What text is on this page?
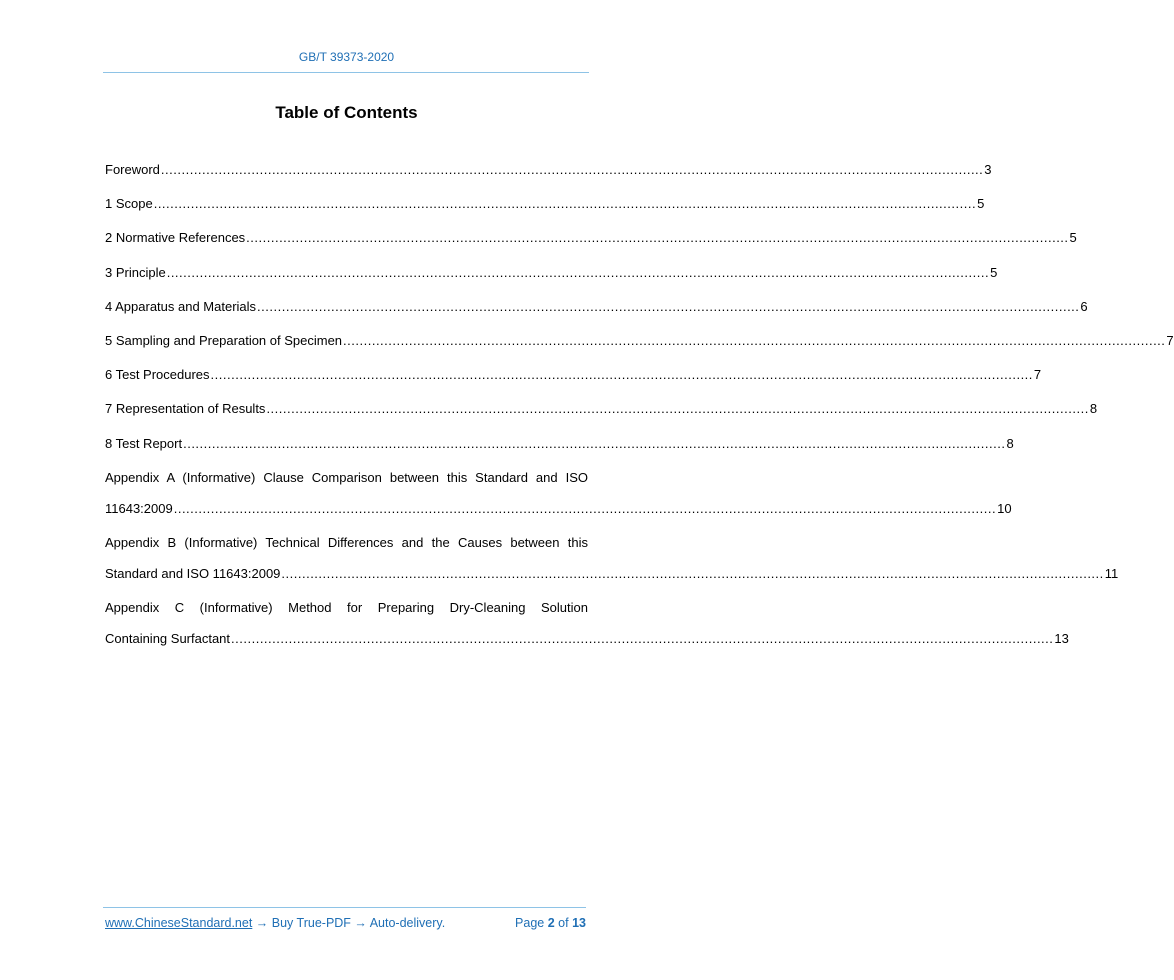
GB/T 39373-2020
Table of Contents
Foreword ........................................................................................................................................................................................................ 3
1 Scope ........................................................................................................................................................................................................ 5
2 Normative References ........................................................................................................................................................................................................ 5
3 Principle ........................................................................................................................................................................................................ 5
4 Apparatus and Materials ........................................................................................................................................................................................................ 6
5 Sampling and Preparation of Specimen ........................................................................................................................................................................................................ 7
6 Test Procedures ........................................................................................................................................................................................................ 7
7 Representation of Results ........................................................................................................................................................................................................ 8
8 Test Report ........................................................................................................................................................................................................ 8
Appendix A (Informative) Clause Comparison between this Standard and ISO
11643:2009 ........................................................................................................................................................................................................ 10
Appendix B (Informative) Technical Differences and the Causes between this
Standard and ISO 11643:2009 ........................................................................................................................................................................................................ 11
Appendix C (Informative) Method for Preparing Dry-Cleaning Solution
Containing Surfactant ........................................................................................................................................................................................................ 13
www.ChineseStandard.net → Buy True-PDF → Auto-delivery.	Page 2 of 13
